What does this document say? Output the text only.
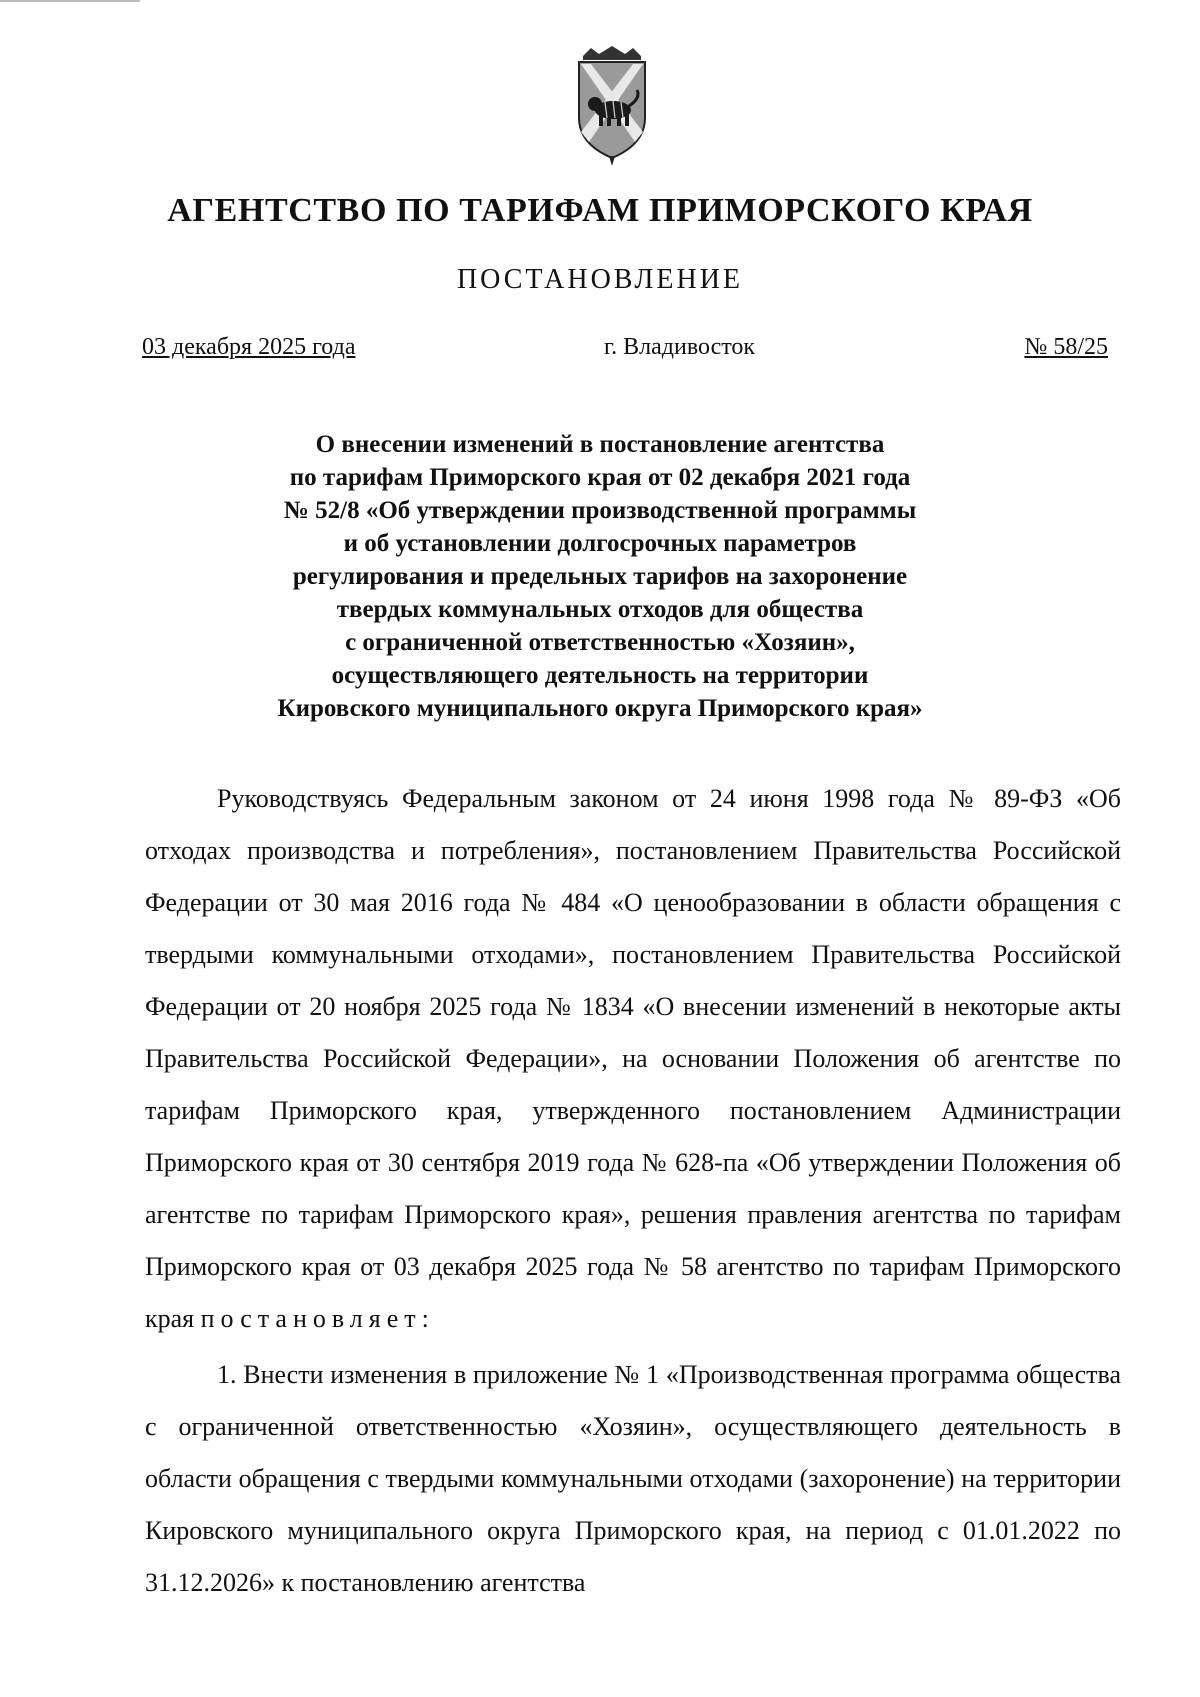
АГЕНТСТВО ПО ТАРИФАМ ПРИМОРСКОГО КРАЯ
ПОСТАНОВЛЕНИЕ
03 декабря 2025 года	г. Владивосток	№ 58/25
О внесении изменений в постановление агентства
по тарифам Приморского края от 02 декабря 2021 года
№ 52/8 «Об утверждении производственной программы
и об установлении долгосрочных параметров
регулирования и предельных тарифов на захоронение
твердых коммунальных отходов для общества
с ограниченной ответственностью «Хозяин»,
осуществляющего деятельность на территории
Кировского муниципального округа Приморского края»

Руководствуясь Федеральным законом от 24 июня 1998 года № 89-ФЗ «Об отходах производства и потребления», постановлением Правительства Российской Федерации от 30 мая 2016 года № 484 «О ценообразовании в области обращения с твердыми коммунальными отходами», постановлением Правительства Российской Федерации от 20 ноября 2025 года № 1834 «О внесении изменений в некоторые акты Правительства Российской Федерации», на основании Положения об агентстве по тарифам Приморского края, утвержденного постановлением Администрации Приморского края от 30 сентября 2019 года № 628-па «Об утверждении Положения об агентстве по тарифам Приморского края», решения правления агентства по тарифам Приморского края от 03 декабря 2025 года № 58 агентство по тарифам Приморского края постановляет:

1. Внести изменения в приложение № 1 «Производственная программа общества с ограниченной ответственностью «Хозяин», осуществляющего деятельность в области обращения с твердыми коммунальными отходами (захоронение) на территории Кировского муниципального округа Приморского края, на период с 01.01.2022 по 31.12.2026» к постановлению агентства
